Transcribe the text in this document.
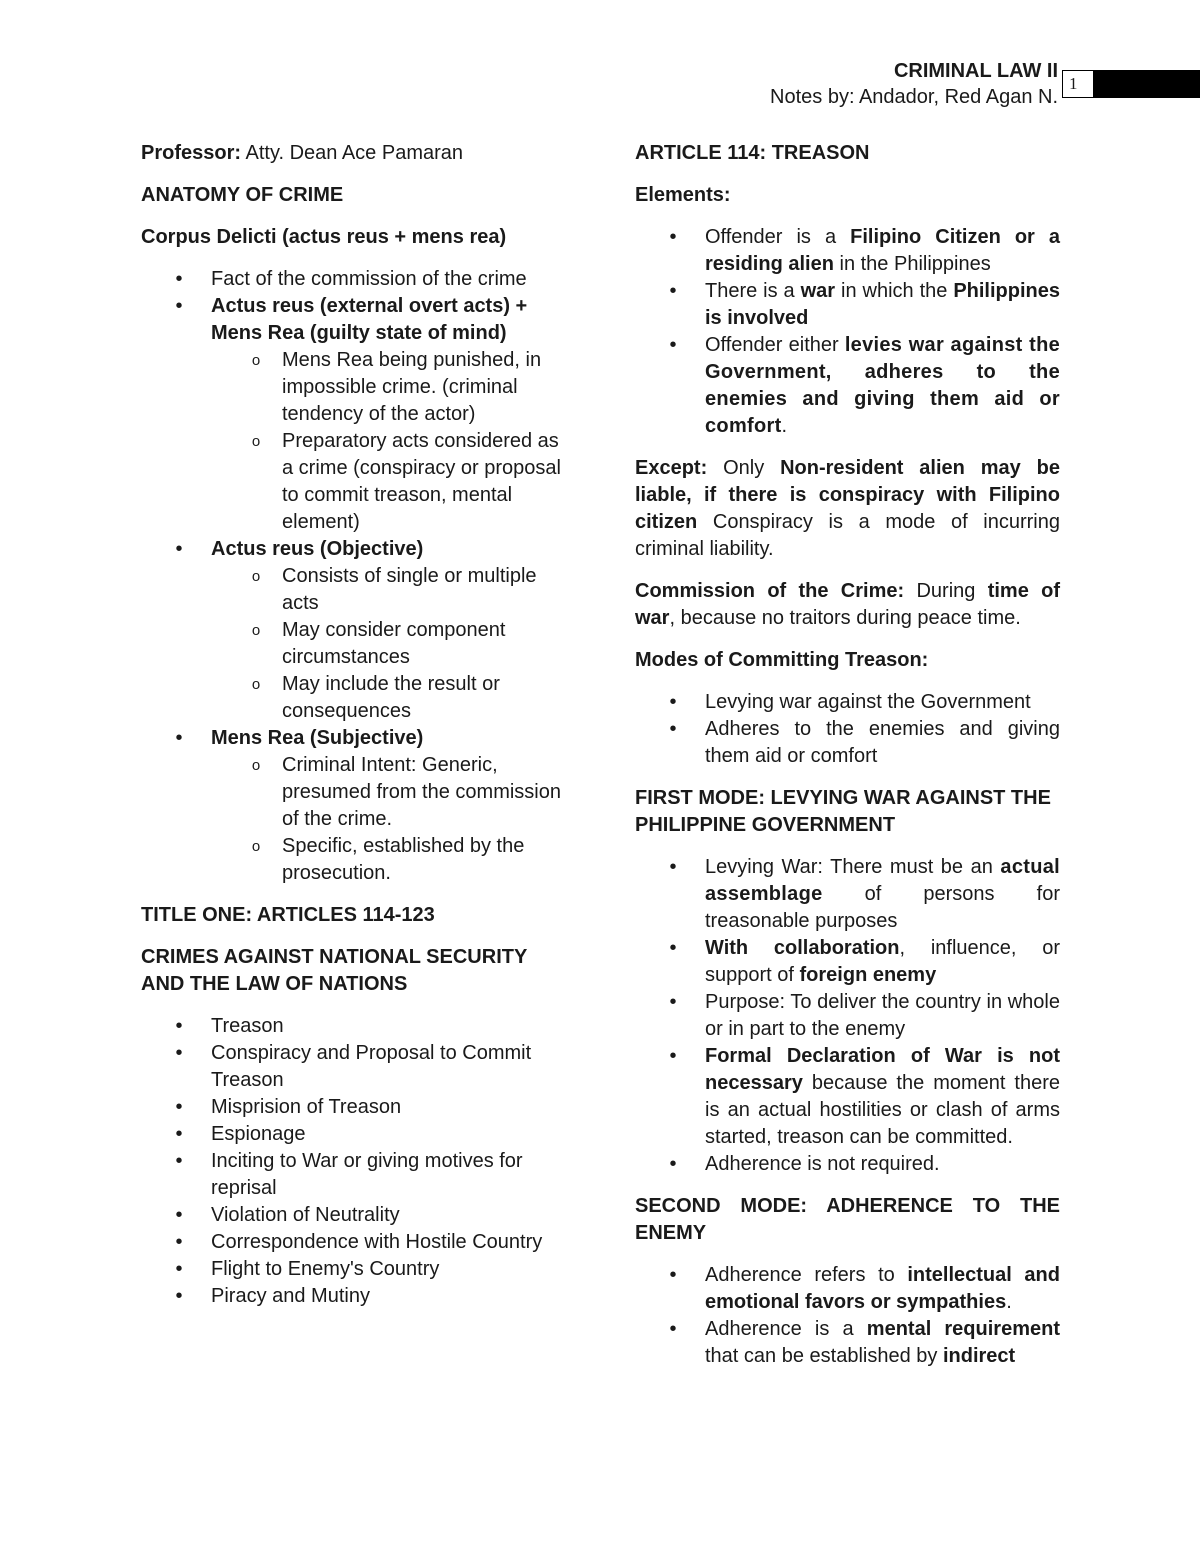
CRIMINAL LAW II
Notes by: Andador, Red Agan N.
1

Professor: Atty. Dean Ace Pamaran

ANATOMY OF CRIME

Corpus Delicti (actus reus + mens rea)

• Fact of the commission of the crime
• Actus reus (external overt acts) + Mens Rea (guilty state of mind)
o Mens Rea being punished, in impossible crime. (criminal tendency of the actor)
o Preparatory acts considered as a crime (conspiracy or proposal to commit treason, mental element)
• Actus reus (Objective)
o Consists of single or multiple acts
o May consider component circumstances
o May include the result or consequences
• Mens Rea (Subjective)
o Criminal Intent: Generic, presumed from the commission of the crime.
o Specific, established by the prosecution.

TITLE ONE: ARTICLES 114-123

CRIMES AGAINST NATIONAL SECURITY AND THE LAW OF NATIONS

• Treason
• Conspiracy and Proposal to Commit Treason
• Misprision of Treason
• Espionage
• Inciting to War or giving motives for reprisal
• Violation of Neutrality
• Correspondence with Hostile Country
• Flight to Enemy's Country
• Piracy and Mutiny

ARTICLE 114: TREASON

Elements:

• Offender is a Filipino Citizen or a residing alien in the Philippines
• There is a war in which the Philippines is involved
• Offender either levies war against the Government, adheres to the enemies and giving them aid or comfort.

Except: Only Non-resident alien may be liable, if there is conspiracy with Filipino citizen Conspiracy is a mode of incurring criminal liability.

Commission of the Crime: During time of war, because no traitors during peace time.

Modes of Committing Treason:

• Levying war against the Government
• Adheres to the enemies and giving them aid or comfort

FIRST MODE: LEVYING WAR AGAINST THE PHILIPPINE GOVERNMENT

• Levying War: There must be an actual assemblage of persons for treasonable purposes
• With collaboration, influence, or support of foreign enemy
• Purpose: To deliver the country in whole or in part to the enemy
• Formal Declaration of War is not necessary because the moment there is an actual hostilities or clash of arms started, treason can be committed.
• Adherence is not required.

SECOND MODE: ADHERENCE TO THE ENEMY

• Adherence refers to intellectual and emotional favors or sympathies.
• Adherence is a mental requirement that can be established by indirect
